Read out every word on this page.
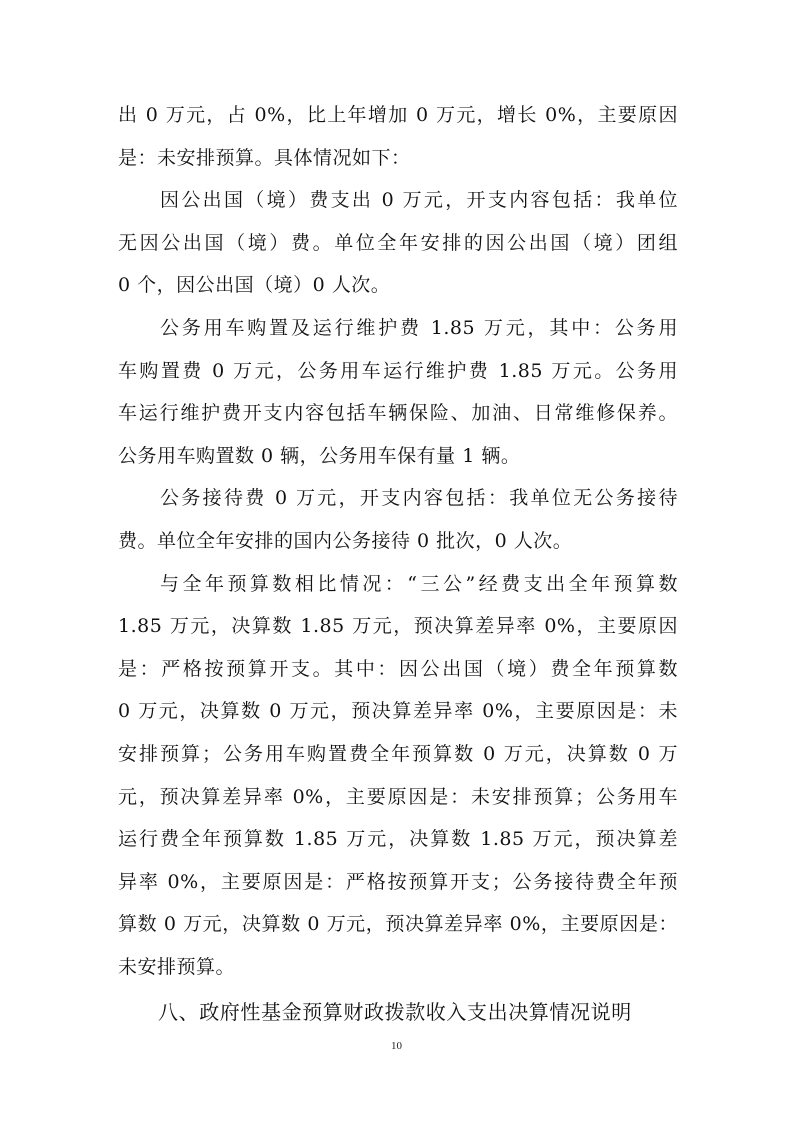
出 0 万元，占 0%，比上年增加 0 万元，增长 0%，主要原因
是：未安排预算。具体情况如下：
因公出国（境）费支出 0 万元，开支内容包括：我单位
无因公出国（境）费。单位全年安排的因公出国（境）团组
0 个，因公出国（境）0 人次。
公务用车购置及运行维护费 1.85 万元，其中：公务用
车购置费 0 万元，公务用车运行维护费 1.85 万元。公务用
车运行维护费开支内容包括车辆保险、加油、日常维修保养。
公务用车购置数 0 辆，公务用车保有量 1 辆。
公务接待费 0 万元，开支内容包括：我单位无公务接待
费。单位全年安排的国内公务接待 0 批次，0 人次。
与全年预算数相比情况：“三公”经费支出全年预算数
1.85 万元，决算数 1.85 万元，预决算差异率 0%，主要原因
是：严格按预算开支。其中：因公出国（境）费全年预算数
0 万元，决算数 0 万元，预决算差异率 0%，主要原因是：未
安排预算；公务用车购置费全年预算数 0 万元，决算数 0 万
元，预决算差异率 0%，主要原因是：未安排预算；公务用车
运行费全年预算数 1.85 万元，决算数 1.85 万元，预决算差
异率 0%，主要原因是：严格按预算开支；公务接待费全年预
算数 0 万元，决算数 0 万元，预决算差异率 0%，主要原因是：
未安排预算。
八、政府性基金预算财政拨款收入支出决算情况说明
10
